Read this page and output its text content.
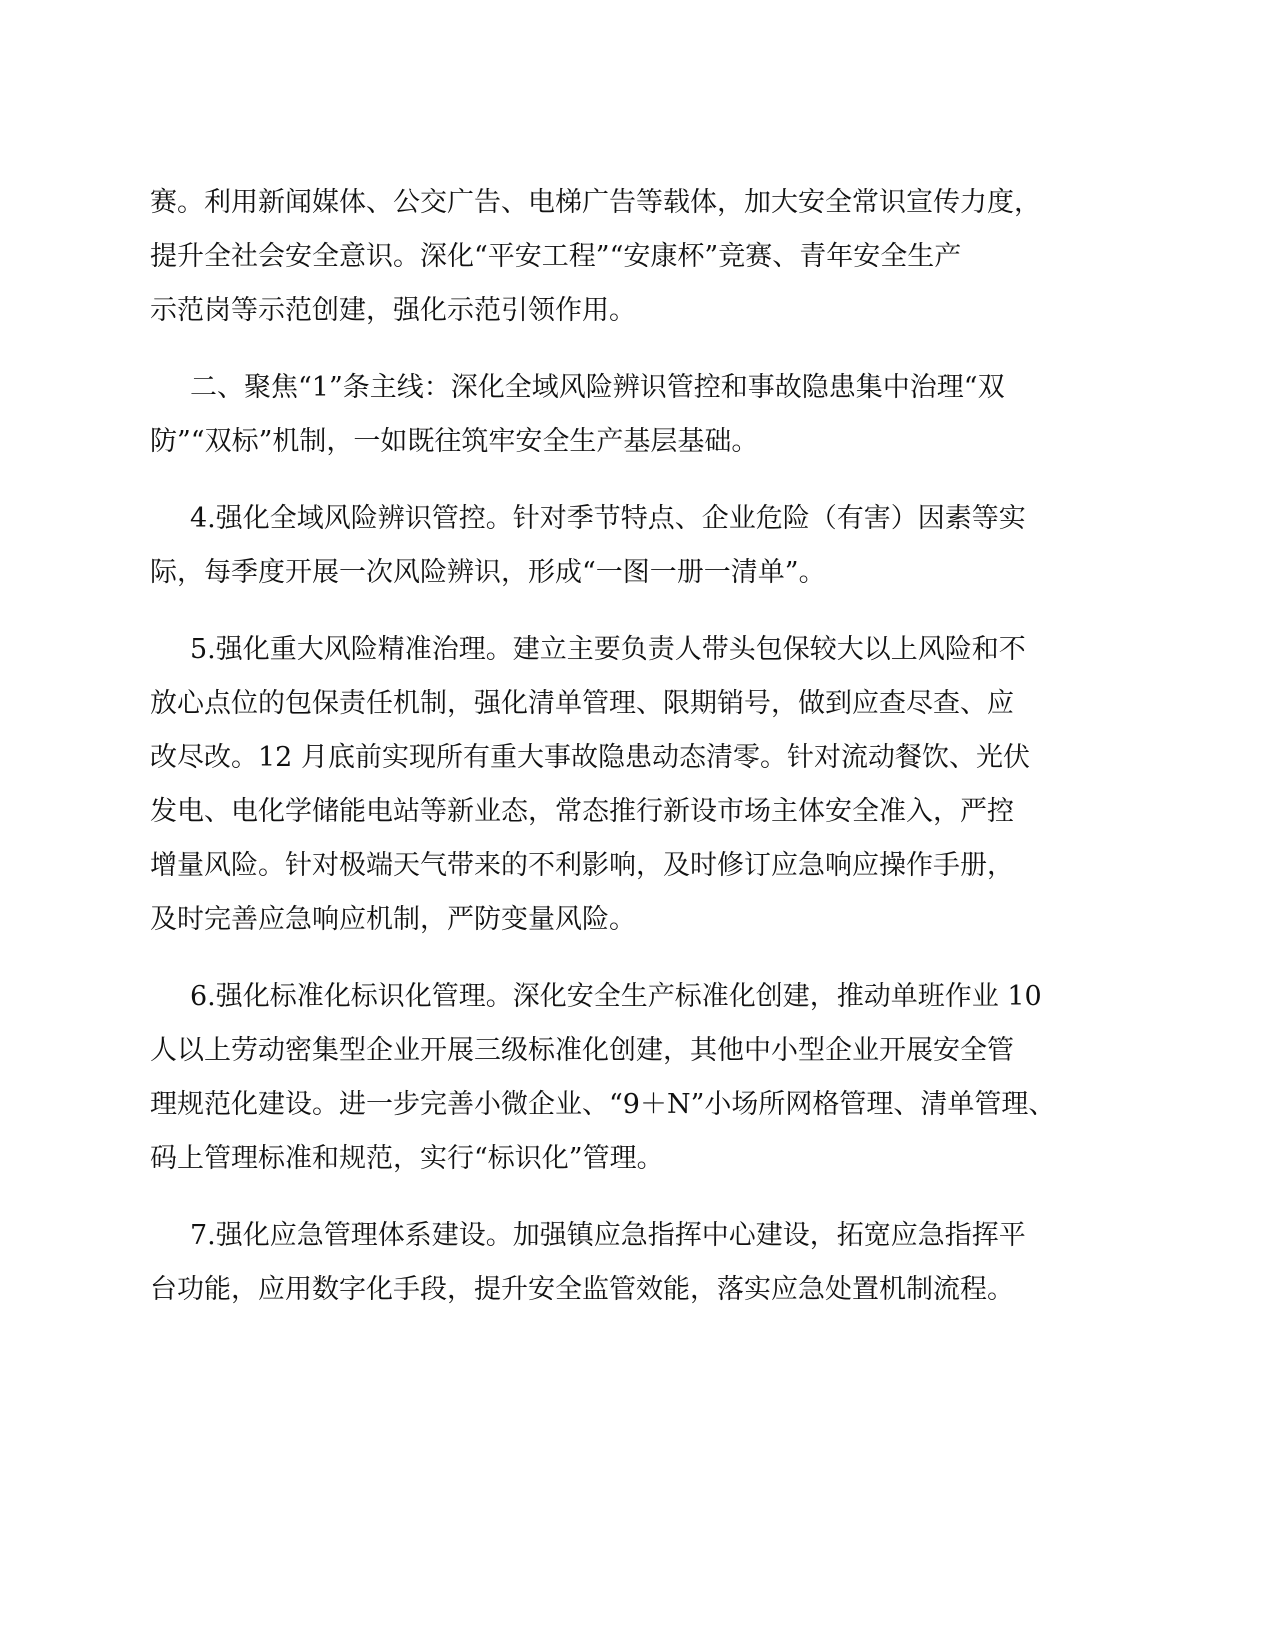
赛。利用新闻媒体、公交广告、电梯广告等载体，加大安全常识宣传力度，
提升全社会安全意识。深化“平安工程”“安康杯”竞赛、青年安全生产
示范岗等示范创建，强化示范引领作用。
二、聚焦“1”条主线：深化全域风险辨识管控和事故隐患集中治理“双
防”“双标”机制，一如既往筑牢安全生产基层基础。
4.强化全域风险辨识管控。针对季节特点、企业危险（有害）因素等实
际，每季度开展一次风险辨识，形成“一图一册一清单”。
5.强化重大风险精准治理。建立主要负责人带头包保较大以上风险和不
放心点位的包保责任机制，强化清单管理、限期销号，做到应查尽查、应
改尽改。12 月底前实现所有重大事故隐患动态清零。针对流动餐饮、光伏
发电、电化学储能电站等新业态，常态推行新设市场主体安全准入，严控
增量风险。针对极端天气带来的不利影响，及时修订应急响应操作手册，
及时完善应急响应机制，严防变量风险。
6.强化标准化标识化管理。深化安全生产标准化创建，推动单班作业 10
人以上劳动密集型企业开展三级标准化创建，其他中小型企业开展安全管
理规范化建设。进一步完善小微企业、“9＋N”小场所网格管理、清单管理、
码上管理标准和规范，实行“标识化”管理。
7.强化应急管理体系建设。加强镇应急指挥中心建设，拓宽应急指挥平
台功能，应用数字化手段，提升安全监管效能，落实应急处置机制流程。
